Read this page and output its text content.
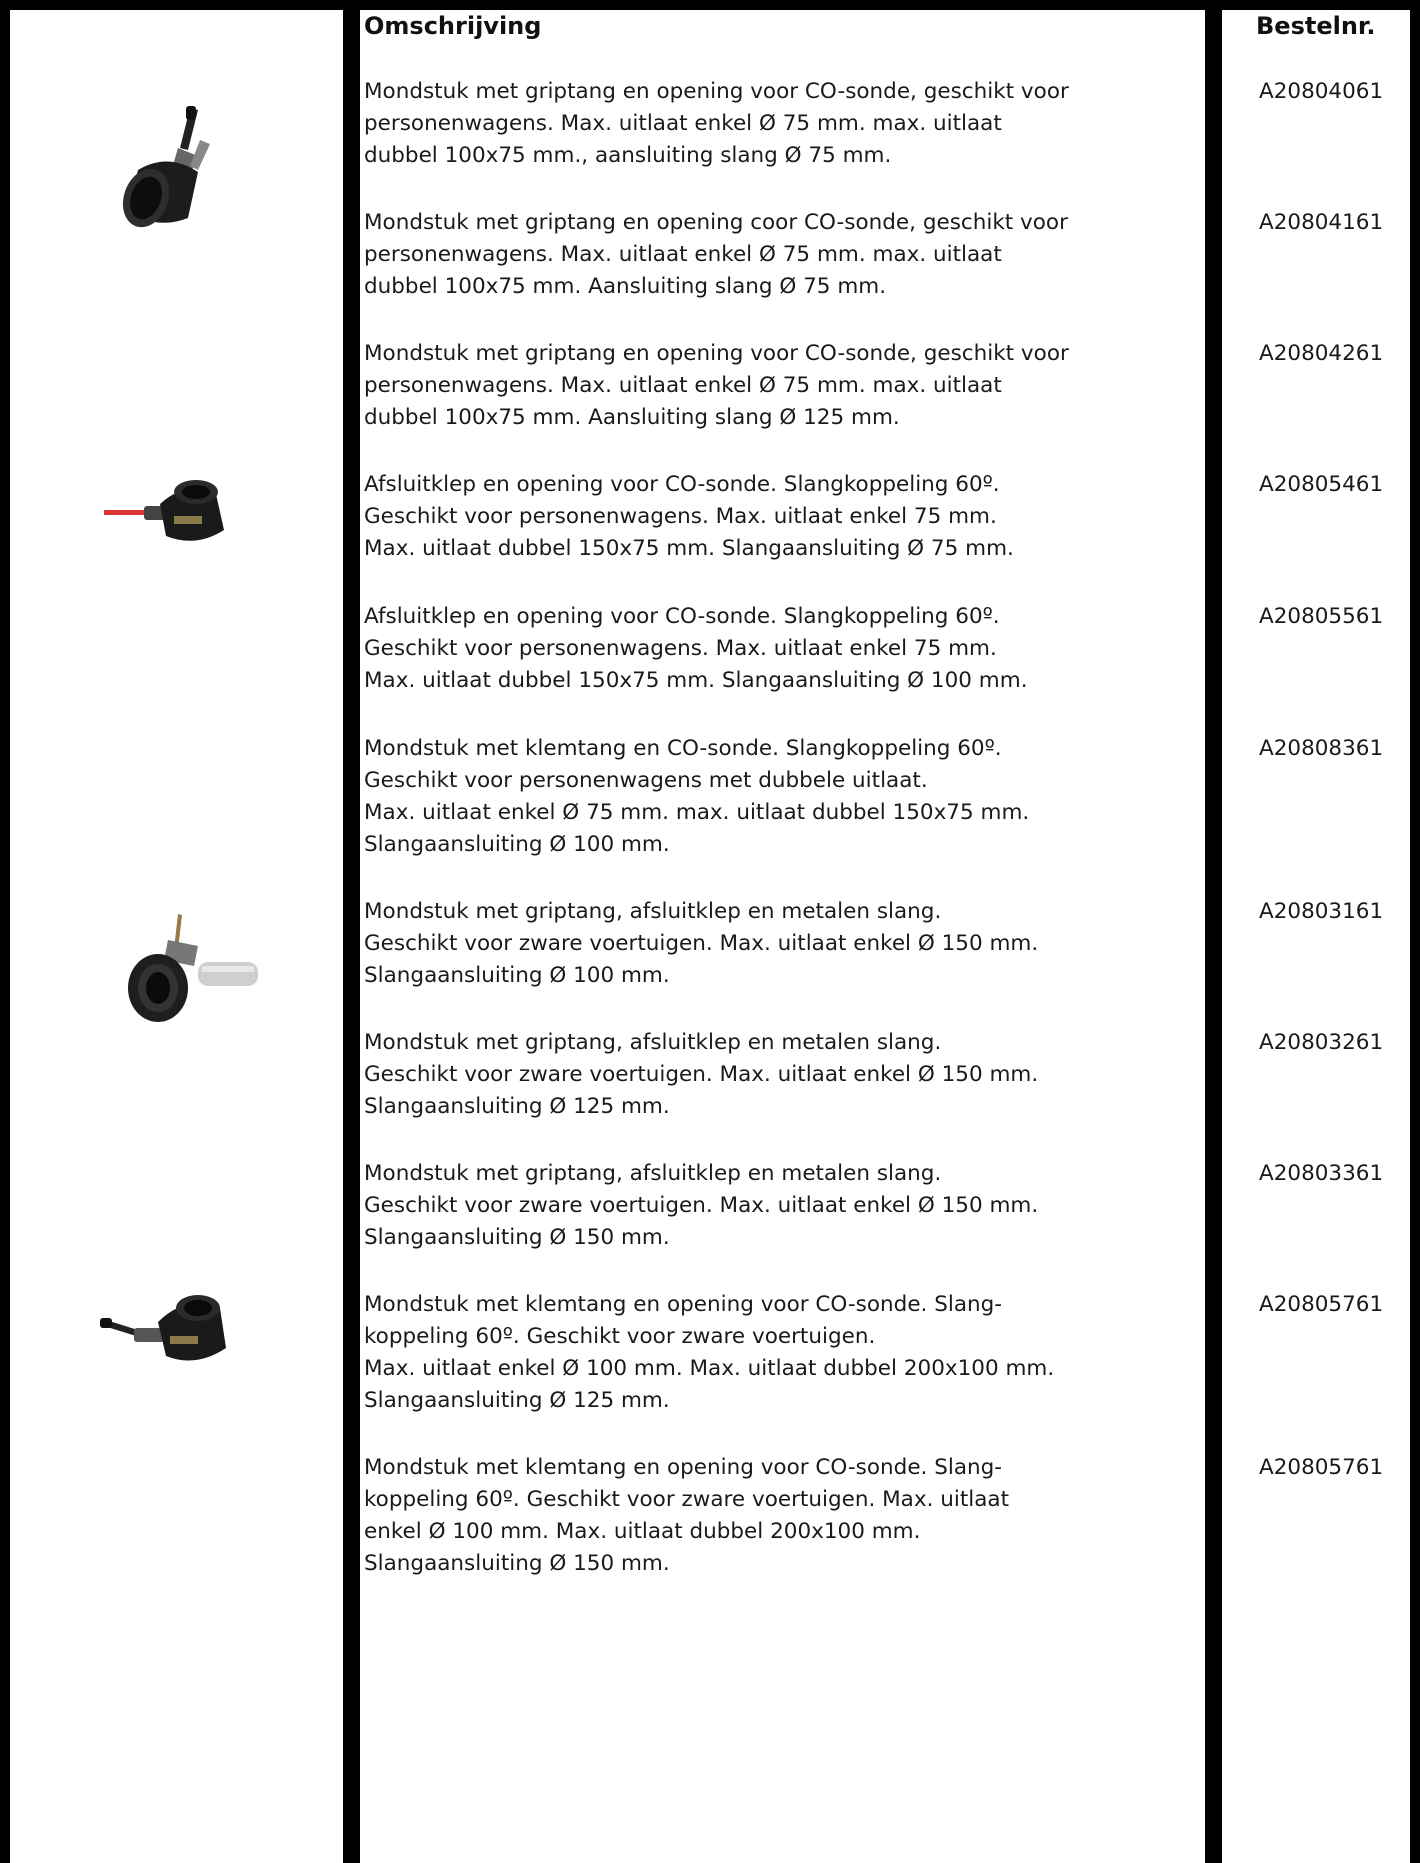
Omschrijving	Bestelnr.
Mondstuk met griptang en opening voor CO-sonde, geschikt voor
personenwagens. Max. uitlaat enkel Ø 75 mm. max. uitlaat
dubbel 100x75 mm., aansluiting slang Ø 75 mm.
A20804061
Mondstuk met griptang en opening coor CO-sonde, geschikt voor
personenwagens. Max. uitlaat enkel Ø 75 mm. max. uitlaat
dubbel 100x75 mm. Aansluiting slang Ø 75 mm.
A20804161
Mondstuk met griptang en opening voor CO-sonde, geschikt voor
personenwagens. Max. uitlaat enkel Ø 75 mm. max. uitlaat
dubbel 100x75 mm. Aansluiting slang Ø 125 mm.
A20804261
Afsluitklep en opening voor CO-sonde. Slangkoppeling 60º.
Geschikt voor personenwagens. Max. uitlaat enkel 75 mm.
Max. uitlaat dubbel 150x75 mm. Slangaansluiting Ø 75 mm.
A20805461
Afsluitklep en opening voor CO-sonde. Slangkoppeling 60º.
Geschikt voor personenwagens. Max. uitlaat enkel 75 mm.
Max. uitlaat dubbel 150x75 mm. Slangaansluiting Ø 100 mm.
A20805561
Mondstuk met klemtang en CO-sonde. Slangkoppeling 60º.
Geschikt voor personenwagens met dubbele uitlaat.
Max. uitlaat enkel Ø 75 mm. max. uitlaat dubbel 150x75 mm.
Slangaansluiting Ø 100 mm.
A20808361
Mondstuk met griptang, afsluitklep en metalen slang.
Geschikt voor zware voertuigen. Max. uitlaat enkel Ø 150 mm.
Slangaansluiting Ø 100 mm.
A20803161
Mondstuk met griptang, afsluitklep en metalen slang.
Geschikt voor zware voertuigen. Max. uitlaat enkel Ø 150 mm.
Slangaansluiting Ø 125 mm.
A20803261
Mondstuk met griptang, afsluitklep en metalen slang.
Geschikt voor zware voertuigen. Max. uitlaat enkel Ø 150 mm.
Slangaansluiting Ø 150 mm.
A20803361
Mondstuk met klemtang en opening voor CO-sonde. Slang-
koppeling 60º. Geschikt voor zware voertuigen.
Max. uitlaat enkel Ø 100 mm. Max. uitlaat dubbel 200x100 mm.
Slangaansluiting Ø 125 mm.
A20805761
Mondstuk met klemtang en opening voor CO-sonde. Slang-
koppeling 60º. Geschikt voor zware voertuigen. Max. uitlaat
enkel Ø 100 mm. Max. uitlaat dubbel 200x100 mm.
Slangaansluiting Ø 150 mm.
A20805761
